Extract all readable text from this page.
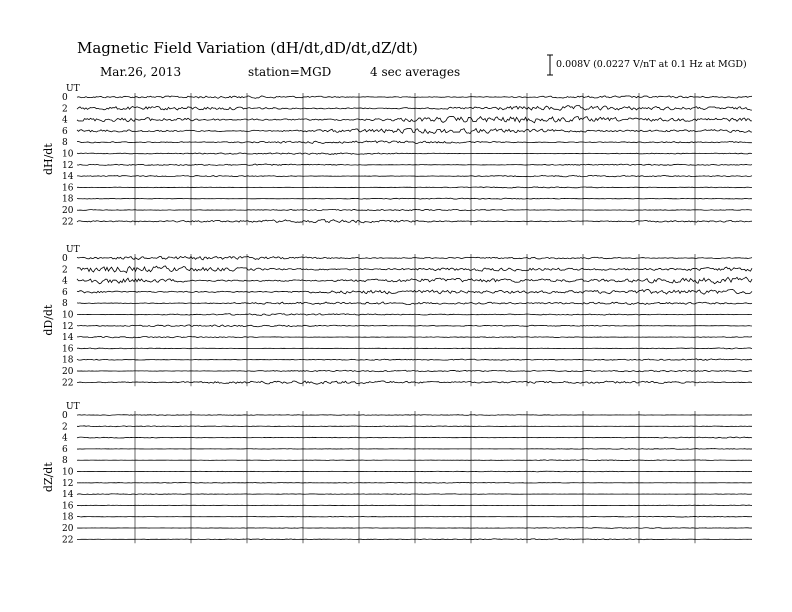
Magnetic Field Variation (dH/dt,dD/dt,dZ/dt)
Mar.26, 2013	station=MGD	4 sec averages
0.008V (0.0227 V/nT at 0.1 Hz at MGD)
UT
dH/dt
0
2
4
6
8
10
12
14
16
18
20
22
UT
dD/dt
0
2
4
6
8
10
12
14
16
18
20
22
UT
dZ/dt
0
2
4
6
8
10
12
14
16
18
20
22
